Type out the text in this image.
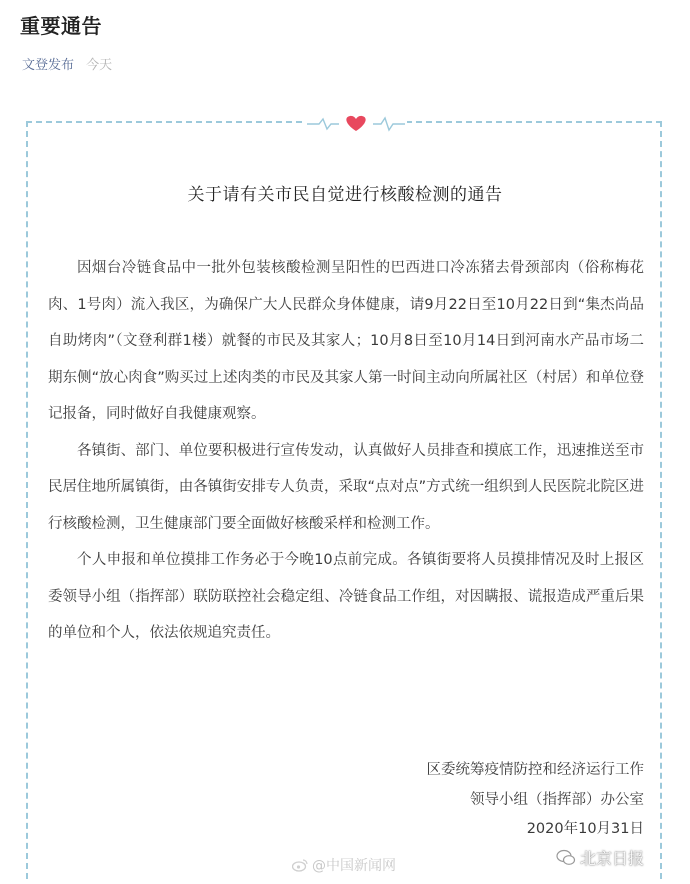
重要通告
文登发布 今天
关于请有关市民自觉进行核酸检测的通告

因烟台冷链食品中一批外包装核酸检测呈阳性的巴西进口冷冻猪去骨颈部肉（俗称梅花肉、1号肉）流入我区，为确保广大人民群众身体健康，请9月22日至10月22日到“集杰尚品自助烤肉”（文登利群1楼）就餐的市民及其家人；10月8日至10月14日到河南水产品市场二期东侧“放心肉食”购买过上述肉类的市民及其家人第一时间主动向所属社区（村居）和单位登记报备，同时做好自我健康观察。

各镇街、部门、单位要积极进行宣传发动，认真做好人员排查和摸底工作，迅速推送至市民居住地所属镇街，由各镇街安排专人负责，采取“点对点”方式统一组织到人民医院北院区进行核酸检测，卫生健康部门要全面做好核酸采样和检测工作。

个人申报和单位摸排工作务必于今晚10点前完成。各镇街要将人员摸排情况及时上报区委领导小组（指挥部）联防联控社会稳定组、冷链食品工作组，对因瞒报、谎报造成严重后果的单位和个人，依法依规追究责任。

区委统筹疫情防控和经济运行工作
领导小组（指挥部）办公室
2020年10月31日
@中国新闻网	北京日报
